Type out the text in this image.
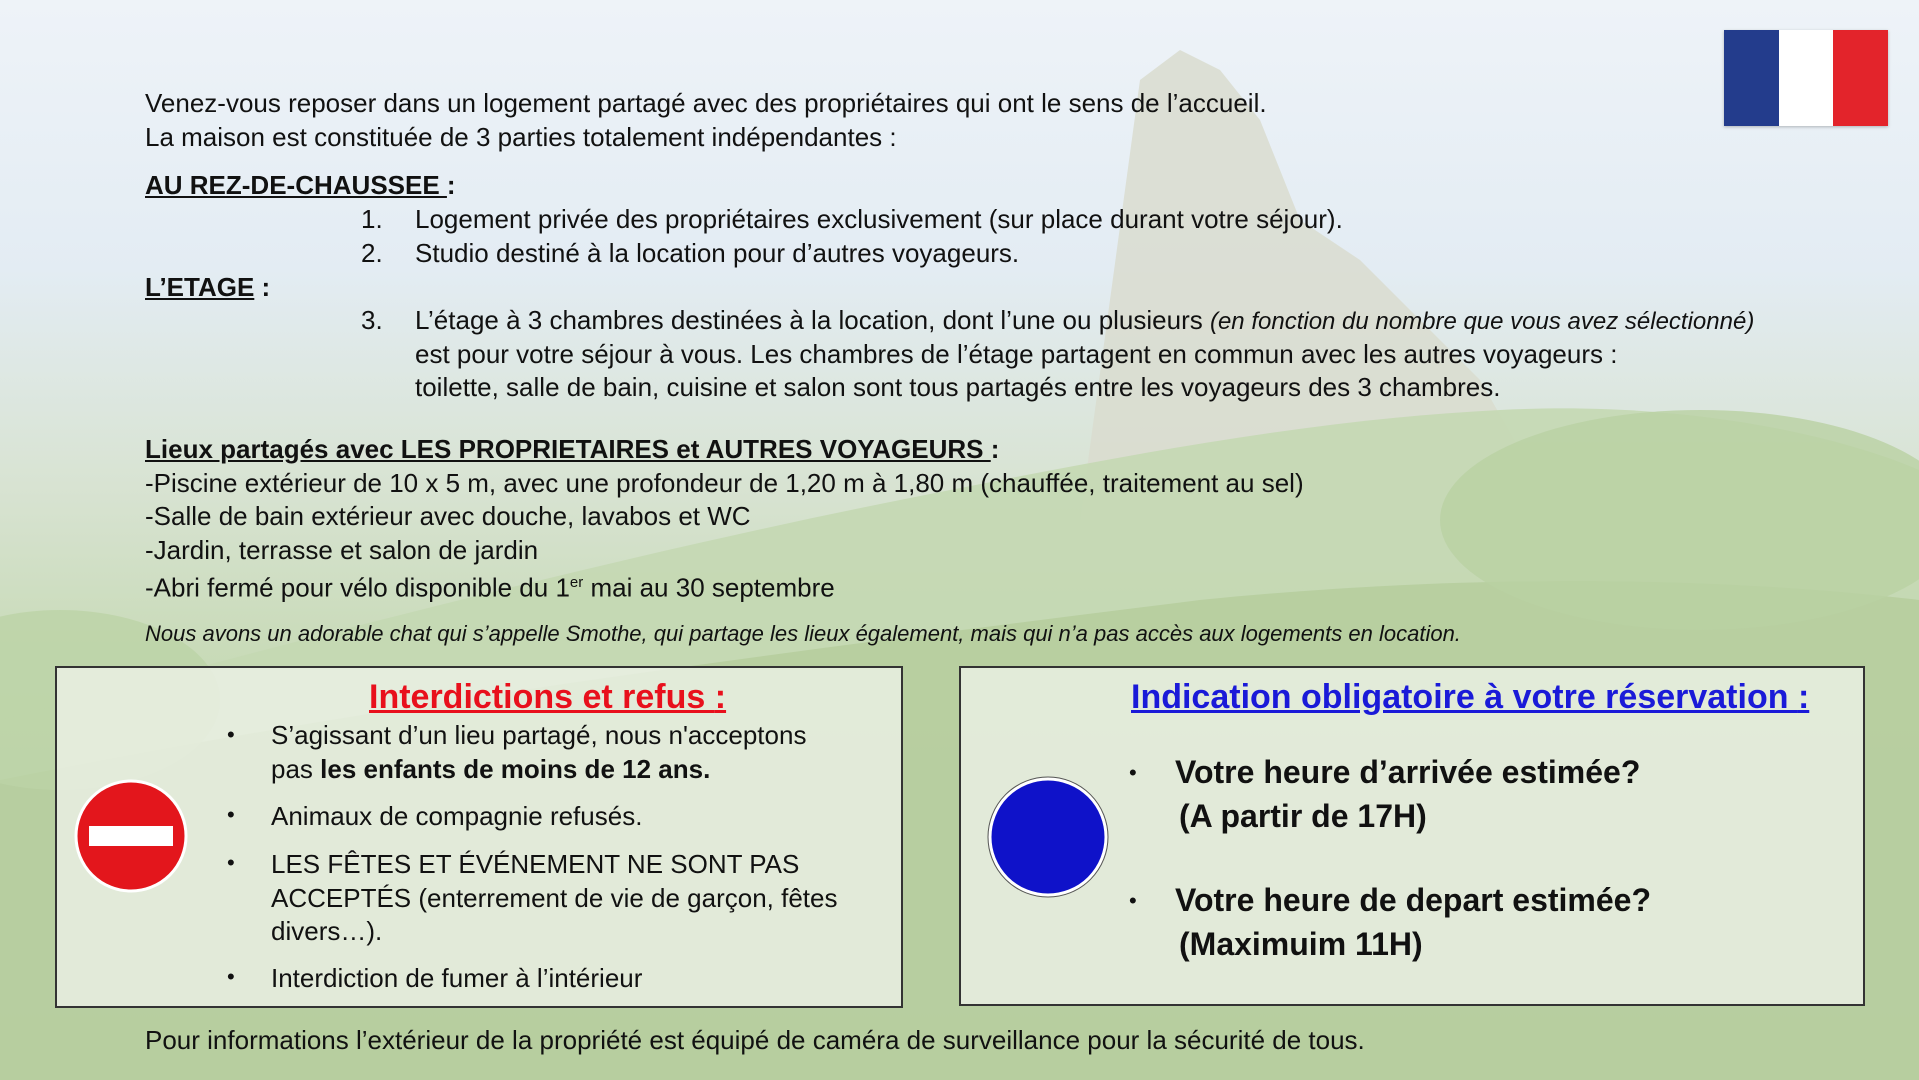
Venez-vous reposer dans un logement partagé avec des propriétaires qui ont le sens de l’accueil.
La maison est constituée de 3 parties totalement indépendantes :
AU REZ-DE-CHAUSSEE :
1. Logement privée des propriétaires exclusivement (sur place durant votre séjour).
2. Studio destiné à la location pour d’autres voyageurs.
L’ETAGE :
3. L’étage à 3 chambres destinées à la location, dont l’une ou plusieurs (en fonction du nombre que vous avez sélectionné)
est pour votre séjour à vous. Les chambres de l’étage partagent en commun avec les autres voyageurs :
toilette, salle de bain, cuisine et salon sont tous partagés entre les voyageurs des 3 chambres.
Lieux partagés avec LES PROPRIETAIRES et AUTRES VOYAGEURS :
-Piscine extérieur de 10 x 5 m, avec une profondeur de 1,20 m à 1,80 m (chauffée, traitement au sel)
-Salle de bain extérieur avec douche, lavabos et WC
-Jardin, terrasse et salon de jardin
-Abri fermé pour vélo disponible du 1er mai au 30 septembre
Nous avons un adorable chat qui s’appelle Smothe, qui partage les lieux également, mais qui n’a pas accès aux logements en location.
Interdictions et refus :
• S’agissant d’un lieu partagé, nous n'acceptons
pas les enfants de moins de 12 ans.
• Animaux de compagnie refusés.
• LES FÊTES ET ÉVÉNEMENT NE SONT PAS
ACCEPTÉS (enterrement de vie de garçon, fêtes
divers…).
• Interdiction de fumer à l’intérieur
Indication obligatoire à votre réservation :
• Votre heure d’arrivée estimée?
(A partir de 17H)
• Votre heure de depart estimée?
(Maximuim 11H)
Pour informations l’extérieur de la propriété est équipé de caméra de surveillance pour la sécurité de tous.
